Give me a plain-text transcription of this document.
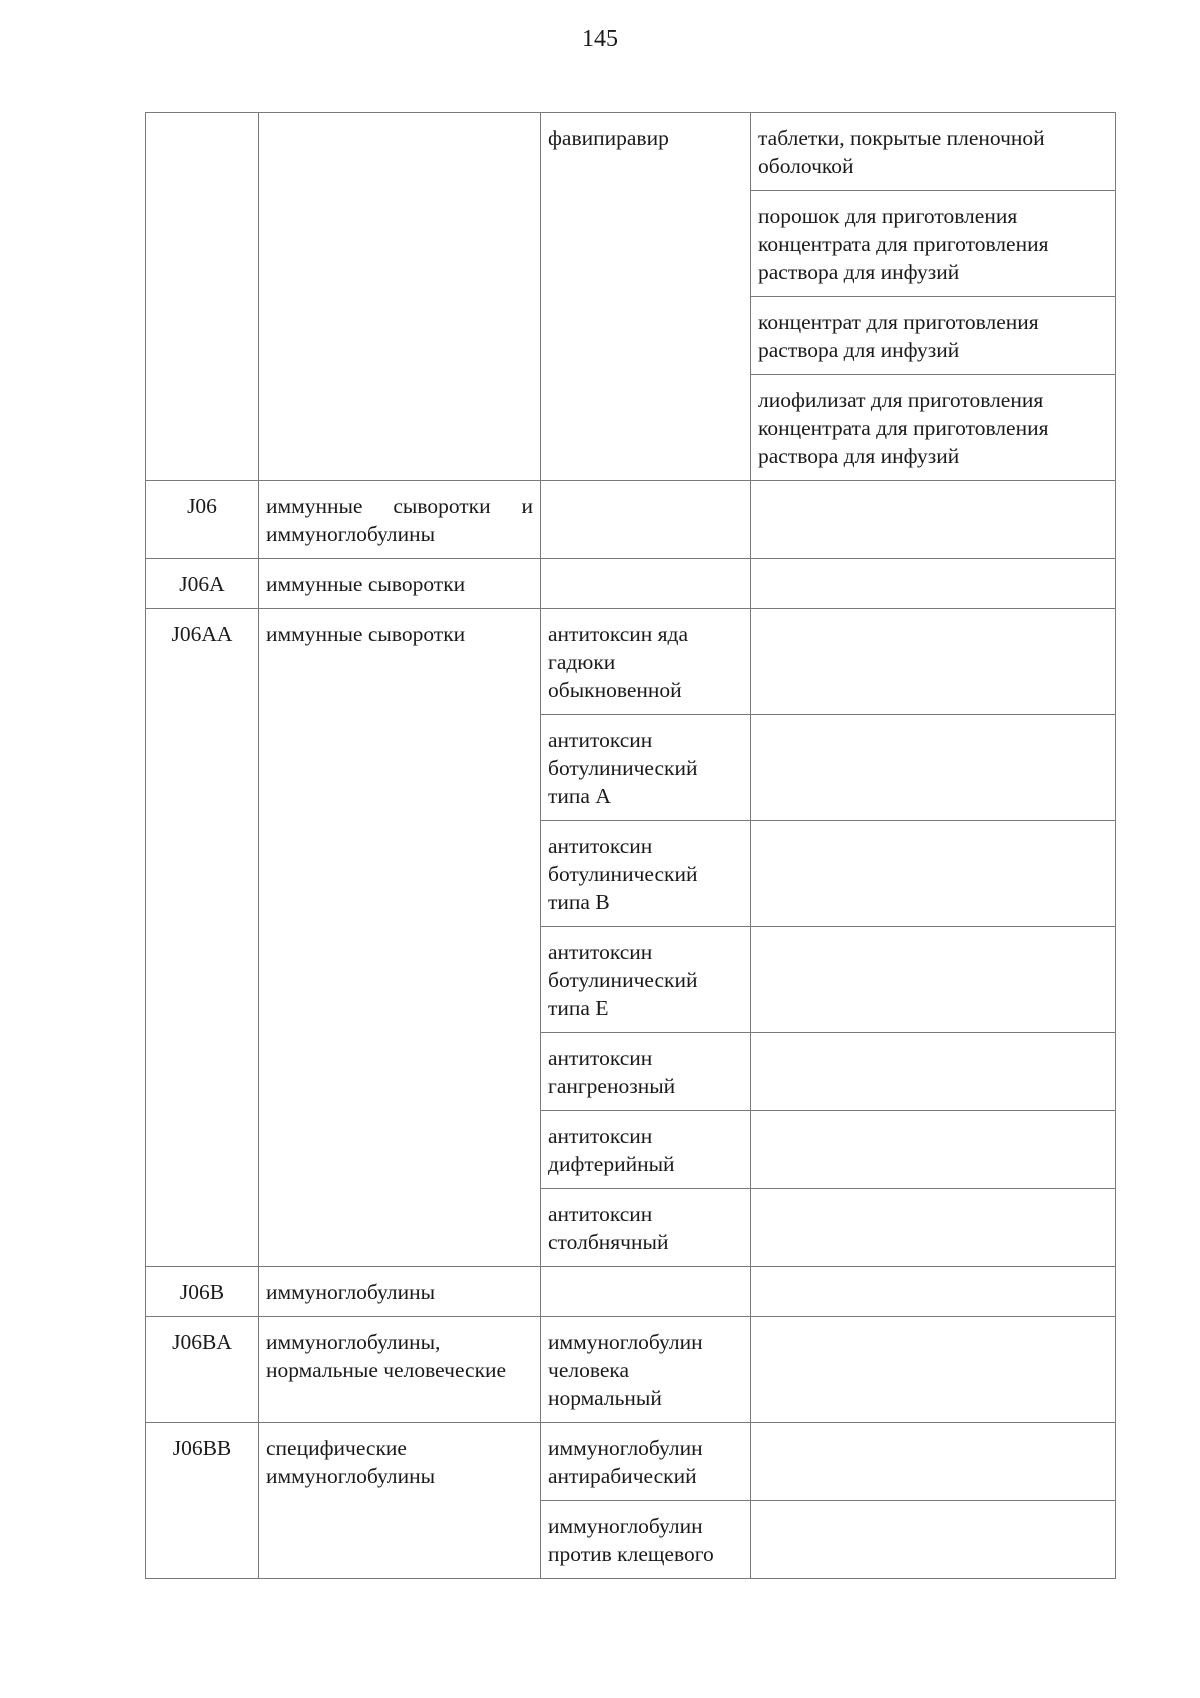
145
		фавипиравир	таблетки, покрытые пленочной оболочкой
			порошок для приготовления концентрата для приготовления раствора для инфузий
			концентрат для приготовления раствора для инфузий
			лиофилизат для приготовления концентрата для приготовления раствора для инфузий
J06	иммунные сыворотки и иммуноглобулины		
J06A	иммунные сыворотки		
J06AA	иммунные сыворотки	антитоксин яда гадюки обыкновенной	
		антитоксин ботулинический типа А	
		антитоксин ботулинический типа В	
		антитоксин ботулинический типа Е	
		антитоксин гангренозный	
		антитоксин дифтерийный	
		антитоксин столбнячный	
J06B	иммуноглобулины		
J06BA	иммуноглобулины, нормальные человеческие	иммуноглобулин человека нормальный	
J06BB	специфические иммуноглобулины	иммуноглобулин антирабический	
		иммуноглобулин против клещевого	
